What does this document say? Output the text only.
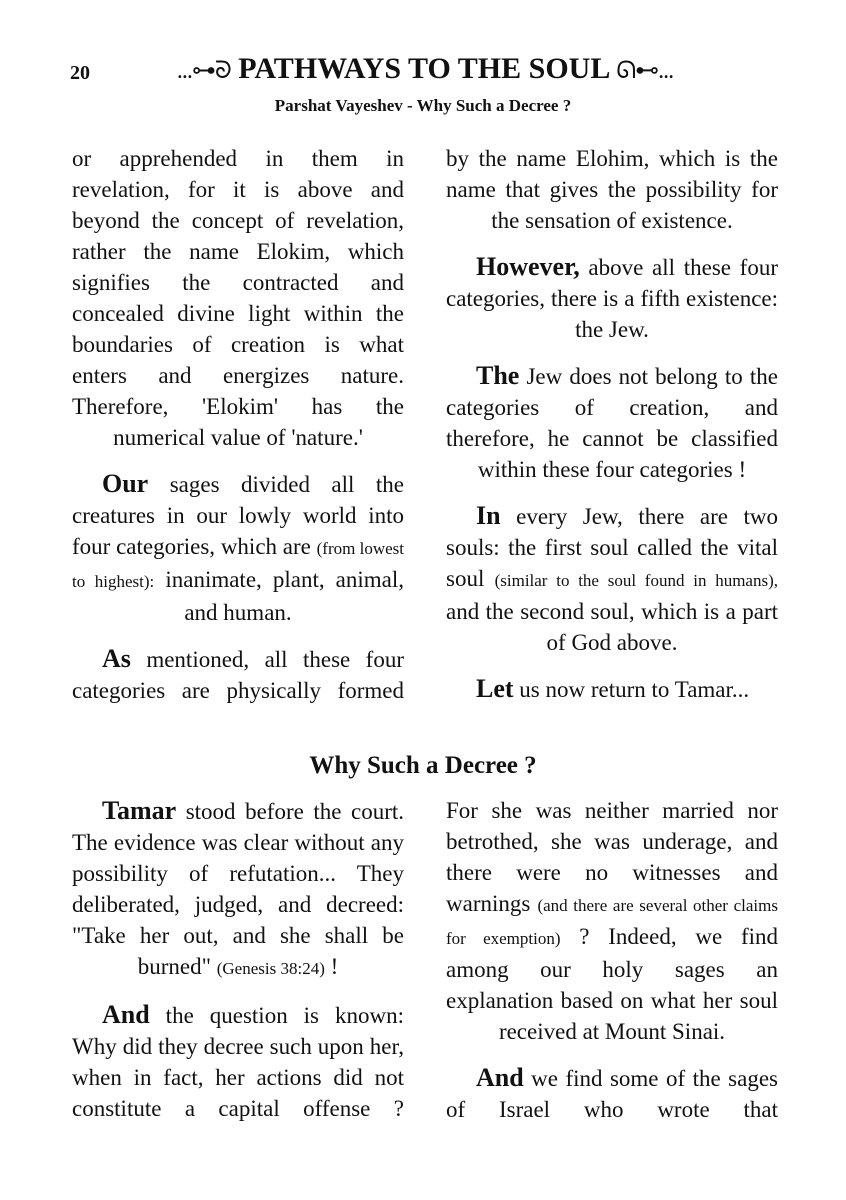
20	...⊶ᘐ PATHWAYS TO THE SOUL ᘏ⊷...
Parshat Vayeshev - Why Such a Decree ?

or apprehended in them in revelation, for it is above and beyond the concept of revelation, rather the name Elokim, which signifies the contracted and concealed divine light within the boundaries of creation is what enters and energizes nature. Therefore, 'Elokim' has the numerical value of 'nature.'

Our sages divided all the creatures in our lowly world into four categories, which are (from lowest to highest): inanimate, plant, animal, and human.

As mentioned, all these four categories are physically formed

by the name Elohim, which is the name that gives the possibility for the sensation of existence.

However, above all these four categories, there is a fifth existence: the Jew.

The Jew does not belong to the categories of creation, and therefore, he cannot be classified within these four categories !

In every Jew, there are two souls: the first soul called the vital soul (similar to the soul found in humans), and the second soul, which is a part of God above.

Let us now return to Tamar...

Why Such a Decree ?

Tamar stood before the court. The evidence was clear without any possibility of refutation... They deliberated, judged, and decreed: "Take her out, and she shall be burned" (Genesis 38:24) !

And the question is known: Why did they decree such upon her, when in fact, her actions did not constitute a capital offense ?

For she was neither married nor betrothed, she was underage, and there were no witnesses and warnings (and there are several other claims for exemption) ? Indeed, we find among our holy sages an explanation based on what her soul received at Mount Sinai.

And we find some of the sages of Israel who wrote that
